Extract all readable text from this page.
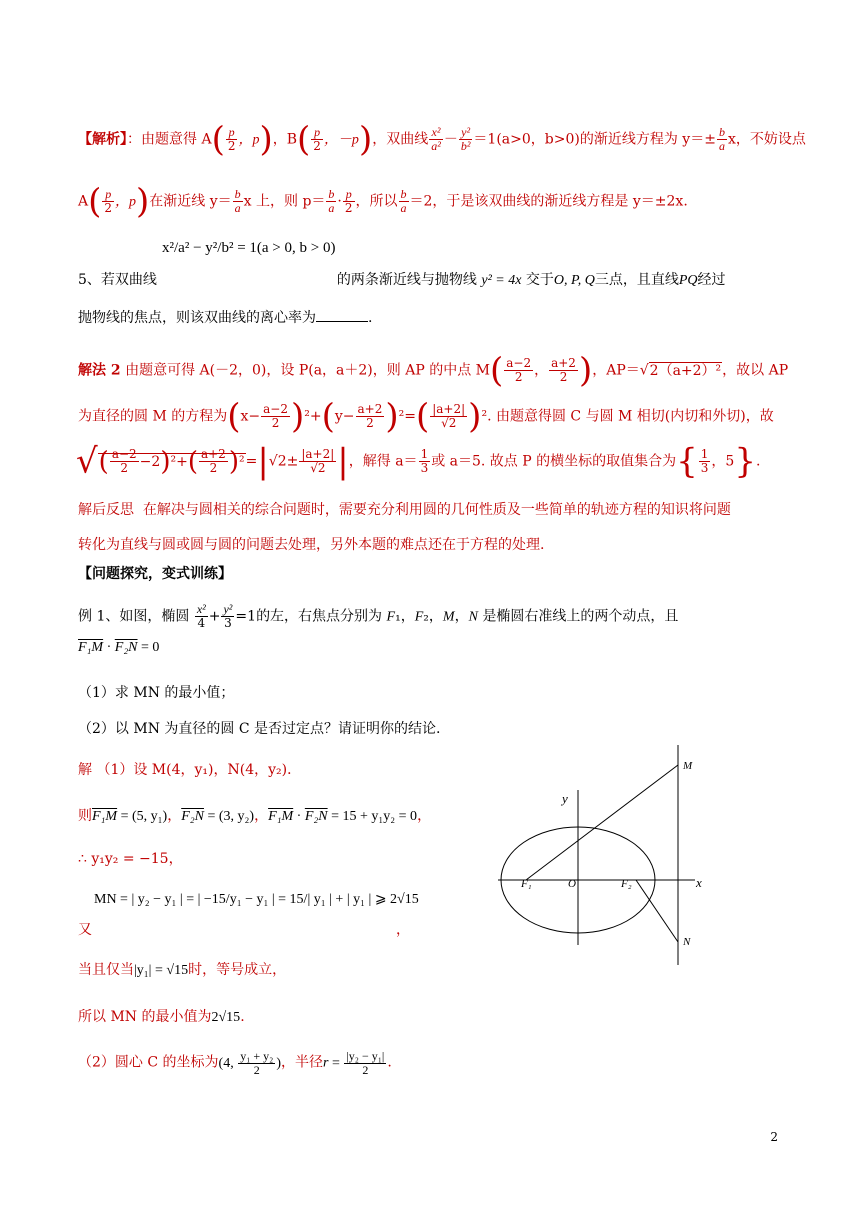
【解析】：由题意得 $A( \frac{p}{2}$ ，p)，$B( \frac{p}{2}$ ，－p)，双曲线 $\frac{\text{x²}}{\text{a²}} - \frac{\text{y²}}{\text{b²}} =1(a>0$，b>0)的渐近线方程为 $y=\pm \frac{b}{a}$ x，不妨设点
$A( \frac{p}{2}$ ，p)在渐近线 $y= \frac{b}{a}$ x 上，则 $p= \frac{b}{a} \cdot \frac{p}{2}$ ，所以 $\frac{b}{a} =2$，于是该双曲线的渐近线方程是 y＝±2x.
x²/a² − y²/b² = 1(a > 0, b > 0)
5、若双曲线	的两条渐近线与抛物线 y² = 4x 交于O, P, Q三点，且直线PQ经过
抛物线的焦点，则该双曲线的离心率为	.
解法 2 由题意可得 A(－2，0)，设 P(a，a＋2)，则 AP 的中点 $M( \frac{a-2}{2}$ ， $\frac{a+2}{2}$ )，AP＝√2（a+2）²，故以 AP
为直径的圆 M 的方程为$(x- \frac{a-2}{2} )^2+(y- \frac{a+2}{2} )^2=( \frac{|a+2|}{√2} )^2$. 由题意得圆 C 与圆 M 相切(内切和外切)，故
√( $\frac{a-2}{2} -2)^2+( \frac{a+2}{2} )^2=|√2\pm \frac{|a+2|}{√2}$ |，解得 $a= \frac{1}{3}$ 或 a＝5. 故点 P 的横坐标的取值集合为{ $\frac{1}{3}$ ，5}.
解后反思 在解决与圆相关的综合问题时，需要充分利用圆的几何性质及一些简单的轨迹方程的知识将问题
转化为直线与圆或圆与圆的问题去处理，另外本题的难点还在于方程的处理.
【问题探究，变式训练】
例 1、如图，椭圆 $\frac{\text{x²}}{4} + \frac{\text{y²}}{3} =1$的左，右焦点分别为 F₁，F₂，M，N 是椭圆右准线上的两个动点，且
F₁M · F₂N = 0
（1）求 MN 的最小值；
（2）以 MN 为直径的圆 C 是否过定点？请证明你的结论.
解 （1）设 M(4，y₁)，N(4，y₂)．
则F₁M = (5, y₁)，F₂N = (3, y₂)，F₁M · F₂N = 15 + y₁y₂ = 0，
∴ y₁y₂ = −15，
MN = | y₂ − y₁ | = | −15/y₁ − y₁ | = 15/| y₁ | + | y₁ | ⩾ 2√15
又	，
当且仅当|y₁| = √15时，等号成立，
所以 MN 的最小值为2√15.
（2）圆心 C 的坐标为(4, $\frac{\text{y₁ + y₂}}{2}$ )，半径$r = \frac{\text{|y₂ − y₁|}}{2}$ .
M
N
y
x
O
F₁	F₂
2
